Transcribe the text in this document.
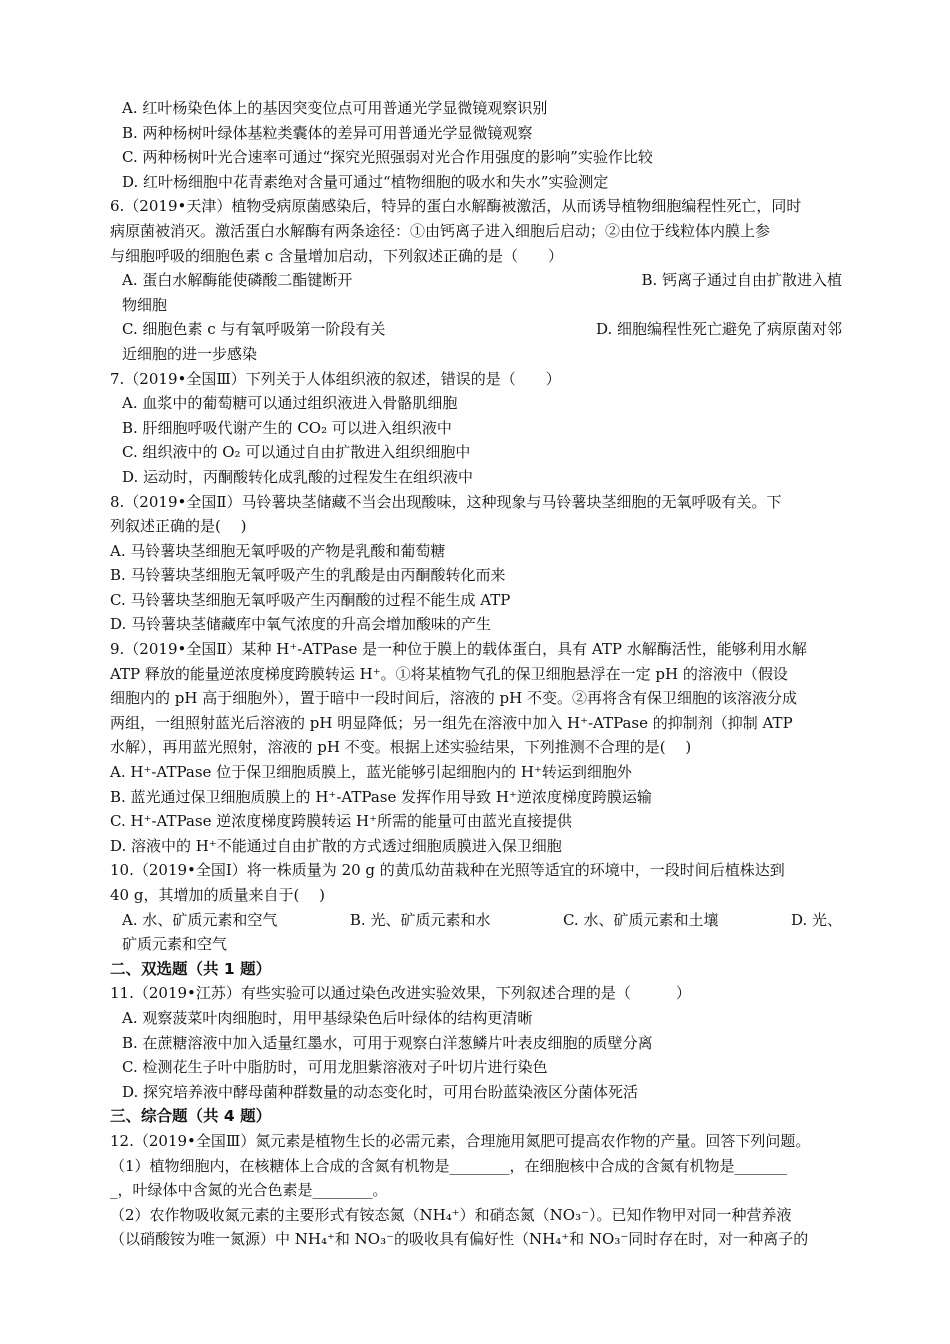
A. 红叶杨染色体上的基因突变位点可用普通光学显微镜观察识别
B. 两种杨树叶绿体基粒类囊体的差异可用普通光学显微镜观察
C. 两种杨树叶光合速率可通过“探究光照强弱对光合作用强度的影响”实验作比较
D. 红叶杨细胞中花青素绝对含量可通过“植物细胞的吸水和失水”实验测定
6.（2019•天津）植物受病原菌感染后，特异的蛋白水解酶被激活，从而诱导植物细胞编程性死亡，同时
病原菌被消灭。激活蛋白水解酶有两条途径：①由钙离子进入细胞后启动；②由位于线粒体内膜上参
与细胞呼吸的细胞色素 c 含量增加启动，下列叙述正确的是（　　）
A. 蛋白水解酶能使磷酸二酯键断开	B. 钙离子通过自由扩散进入植
物细胞
C. 细胞色素 c 与有氧呼吸第一阶段有关	D. 细胞编程性死亡避免了病原菌对邻
近细胞的进一步感染
7.（2019•全国Ⅲ）下列关于人体组织液的叙述，错误的是（　　）
A. 血浆中的葡萄糖可以通过组织液进入骨骼肌细胞
B. 肝细胞呼吸代谢产生的 CO₂ 可以进入组织液中
C. 组织液中的 O₂ 可以通过自由扩散进入组织细胞中
D. 运动时，丙酮酸转化成乳酸的过程发生在组织液中
8.（2019•全国Ⅱ）马铃薯块茎储藏不当会出现酸味，这种现象与马铃薯块茎细胞的无氧呼吸有关。下
列叙述正确的是(　 )
A. 马铃薯块茎细胞无氧呼吸的产物是乳酸和葡萄糖
B. 马铃薯块茎细胞无氧呼吸产生的乳酸是由丙酮酸转化而来
C. 马铃薯块茎细胞无氧呼吸产生丙酮酸的过程不能生成 ATP
D. 马铃薯块茎储藏库中氧气浓度的升高会增加酸味的产生
9.（2019•全国Ⅱ）某种 H⁺-ATPase 是一种位于膜上的载体蛋白，具有 ATP 水解酶活性，能够利用水解
ATP 释放的能量逆浓度梯度跨膜转运 H⁺。①将某植物气孔的保卫细胞悬浮在一定 pH 的溶液中（假设
细胞内的 pH 高于细胞外），置于暗中一段时间后，溶液的 pH 不变。②再将含有保卫细胞的该溶液分成
两组，一组照射蓝光后溶液的 pH 明显降低；另一组先在溶液中加入 H⁺-ATPase 的抑制剂（抑制 ATP
水解），再用蓝光照射，溶液的 pH 不变。根据上述实验结果，下列推测不合理的是(　 )
A. H⁺-ATPase 位于保卫细胞质膜上，蓝光能够引起细胞内的 H⁺转运到细胞外
B. 蓝光通过保卫细胞质膜上的 H⁺-ATPase 发挥作用导致 H⁺逆浓度梯度跨膜运输
C. H⁺-ATPase 逆浓度梯度跨膜转运 H⁺所需的能量可由蓝光直接提供
D. 溶液中的 H⁺不能通过自由扩散的方式透过细胞质膜进入保卫细胞
10.（2019•全国Ⅰ）将一株质量为 20 g 的黄瓜幼苗栽种在光照等适宜的环境中，一段时间后植株达到
40 g，其增加的质量来自于(　 )
A. 水、矿质元素和空气	B. 光、矿质元素和水	C. 水、矿质元素和土壤	D. 光、
矿质元素和空气
二、双选题（共 1 题）
11.（2019•江苏）有些实验可以通过染色改进实验效果，下列叙述合理的是（　　　）
A. 观察菠菜叶肉细胞时，用甲基绿染色后叶绿体的结构更清晰
B. 在蔗糖溶液中加入适量红墨水，可用于观察白洋葱鳞片叶表皮细胞的质壁分离
C. 检测花生子叶中脂肪时，可用龙胆紫溶液对子叶切片进行染色
D. 探究培养液中酵母菌种群数量的动态变化时，可用台盼蓝染液区分菌体死活
三、综合题（共 4 题）
12.（2019•全国Ⅲ）氮元素是植物生长的必需元素，合理施用氮肥可提高农作物的产量。回答下列问题。
（1）植物细胞内，在核糖体上合成的含氮有机物是________，在细胞核中合成的含氮有机物是_______
_，叶绿体中含氮的光合色素是________。
（2）农作物吸收氮元素的主要形式有铵态氮（NH₄⁺）和硝态氮（NO₃⁻）。已知作物甲对同一种营养液
（以硝酸铵为唯一氮源）中 NH₄⁺和 NO₃⁻的吸收具有偏好性（NH₄⁺和 NO₃⁻同时存在时，对一种离子的
